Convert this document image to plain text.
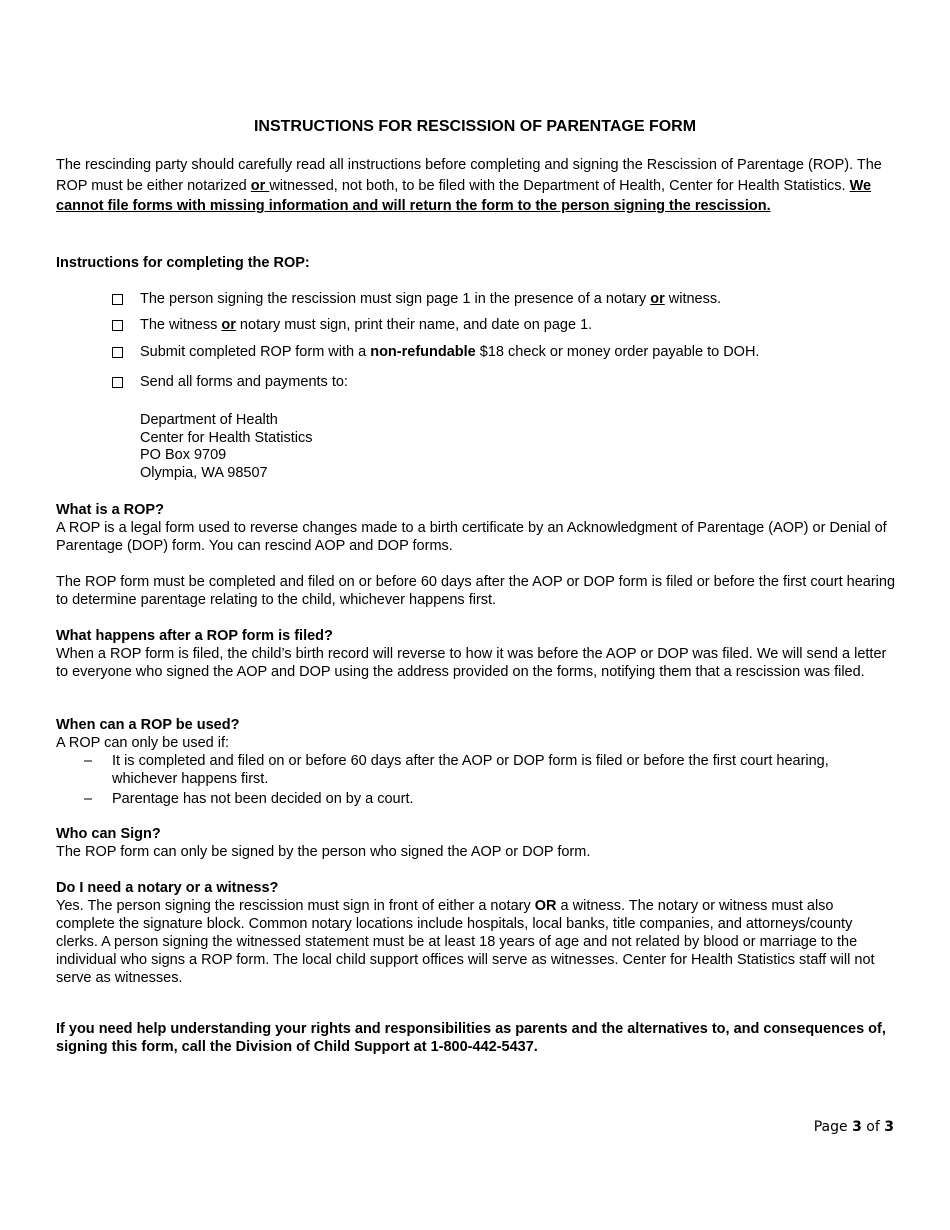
INSTRUCTIONS FOR RESCISSION OF PARENTAGE FORM

The rescinding party should carefully read all instructions before completing and signing the Rescission of Parentage (ROP). The ROP must be either notarized or witnessed, not both, to be filed with the Department of Health, Center for Health Statistics. We cannot file forms with missing information and will return the form to the person signing the rescission.

Instructions for completing the ROP:
The person signing the rescission must sign page 1 in the presence of a notary or witness.
The witness or notary must sign, print their name, and date on page 1.
Submit completed ROP form with a non-refundable $18 check or money order payable to DOH.
Send all forms and payments to:
Department of Health
Center for Health Statistics
PO Box 9709
Olympia, WA 98507
What is a ROP?

A ROP is a legal form used to reverse changes made to a birth certificate by an Acknowledgment of Parentage (AOP) or Denial of Parentage (DOP) form. You can rescind AOP and DOP forms.

The ROP form must be completed and filed on or before 60 days after the AOP or DOP form is filed or before the first court hearing to determine parentage relating to the child, whichever happens first.

What happens after a ROP form is filed?

When a ROP form is filed, the child’s birth record will reverse to how it was before the AOP or DOP was filed. We will send a letter to everyone who signed the AOP and DOP using the address provided on the forms, notifying them that a rescission was filed.

When can a ROP be used?

A ROP can only be used if:

– It is completed and filed on or before 60 days after the AOP or DOP form is filed or before the first court hearing, whichever happens first.
– Parentage has not been decided on by a court.
Who can Sign?

The ROP form can only be signed by the person who signed the AOP or DOP form.

Do I need a notary or a witness?

Yes. The person signing the rescission must sign in front of either a notary OR a witness. The notary or witness must also complete the signature block. Common notary locations include hospitals, local banks, title companies, and attorneys/county clerks. A person signing the witnessed statement must be at least 18 years of age and not related by blood or marriage to the individual who signs a ROP form. The local child support offices will serve as witnesses. Center for Health Statistics staff will not serve as witnesses.

If you need help understanding your rights and responsibilities as parents and the alternatives to, and consequences of, signing this form, call the Division of Child Support at 1-800-442-5437.
Page 3 of 3
